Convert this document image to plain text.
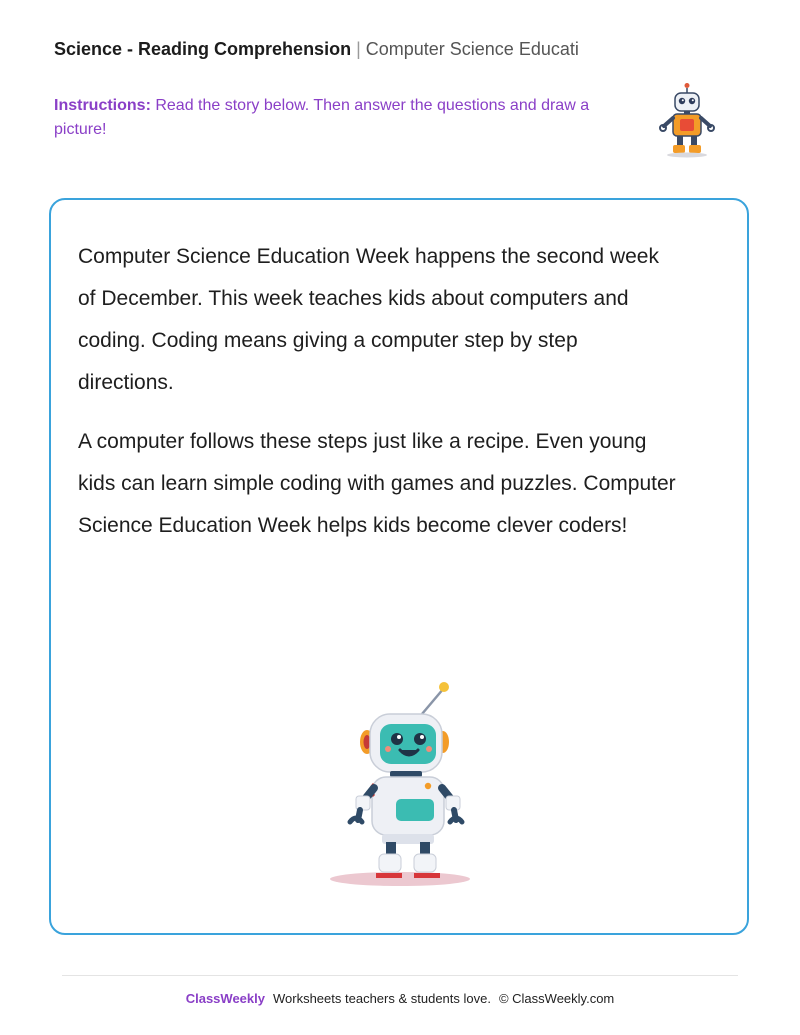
Science - Reading Comprehension | Computer Science Educati
Instructions: Read the story below. Then answer the questions and draw a picture!

Computer Science Education Week happens the second week of December. This week teaches kids about computers and coding. Coding means giving a computer step by step directions.

A computer follows these steps just like a recipe. Even young kids can learn simple coding with games and puzzles. Computer Science Education Week helps kids become clever coders!

ClassWeekly Worksheets teachers & students love. © ClassWeekly.com
